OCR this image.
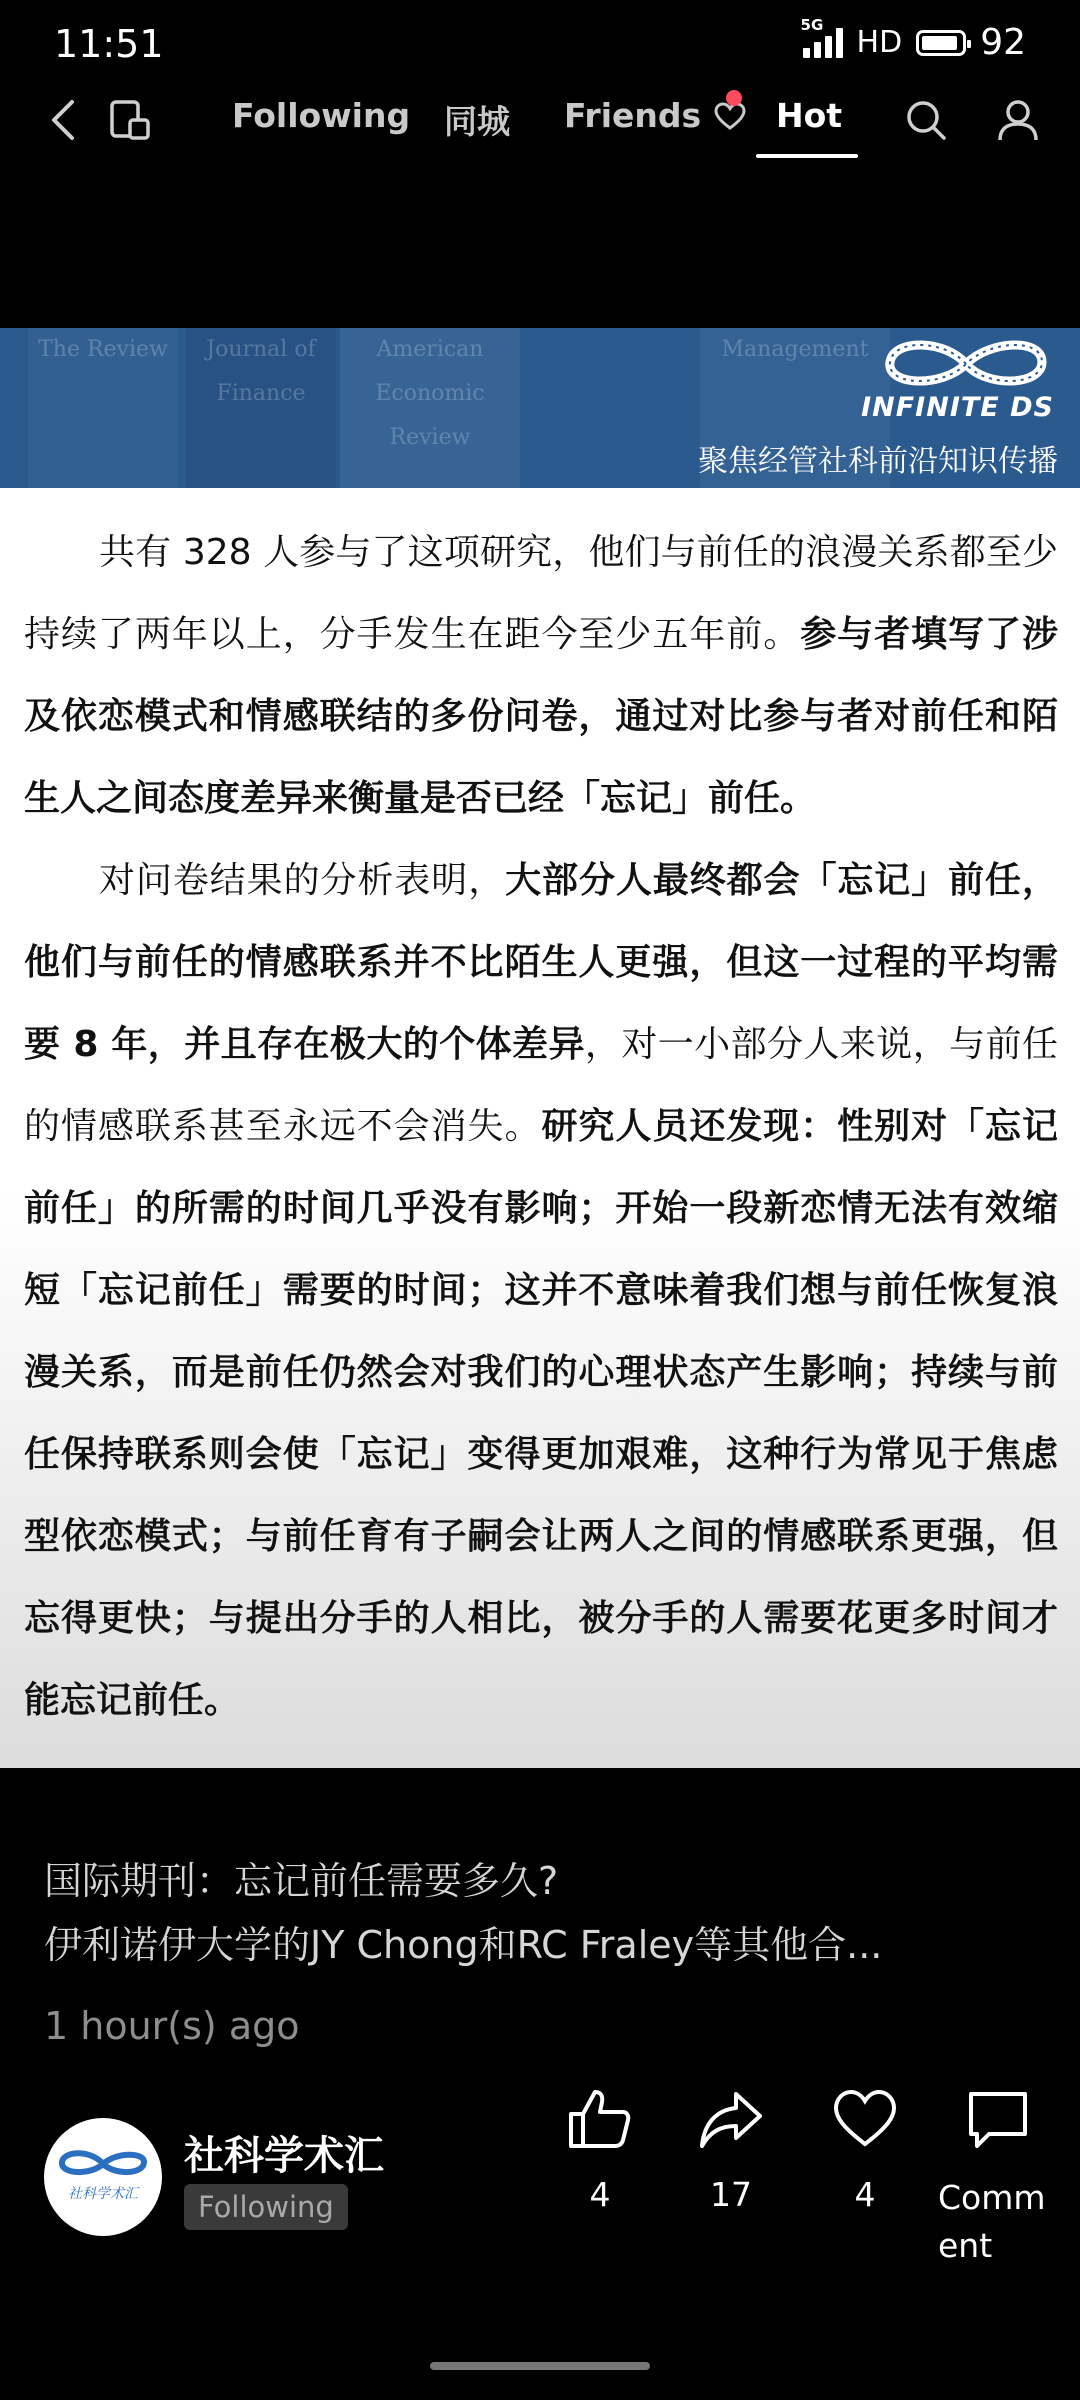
11:51	5G
HD 92
Following 同城 Friends	Hot
The Review	Journal of Finance
American Economic Review
Management
INFINITE DS
聚焦经管社科前沿知识传播

共有 328 人参与了这项研究，他们与前任的浪漫关系都至少持续了两年以上，分手发生在距今至少五年前。参与者填写了涉及依恋模式和情感联结的多份问卷，通过对比参与者对前任和陌生人之间态度差异来衡量是否已经「忘记」前任。

对问卷结果的分析表明，大部分人最终都会「忘记」前任，他们与前任的情感联系并不比陌生人更强，但这一过程的平均需要 8 年，并且存在极大的个体差异，对一小部分人来说，与前任的情感联系甚至永远不会消失。研究人员还发现：性别对「忘记前任」的所需的时间几乎没有影响；开始一段新恋情无法有效缩短「忘记前任」需要的时间；这并不意味着我们想与前任恢复浪漫关系，而是前任仍然会对我们的心理状态产生影响；持续与前任保持联系则会使「忘记」变得更加艰难，这种行为常见于焦虑型依恋模式；与前任育有子嗣会让两人之间的情感联系更强，但忘得更快；与提出分手的人相比，被分手的人需要花更多时间才能忘记前任。

国际期刊：忘记前任需要多久?
伊利诺伊大学的JY Chong和RC Fraley等其他合...
1 hour(s) ago
社科学术汇
社科学术汇
Following	4	17	4	Comment
